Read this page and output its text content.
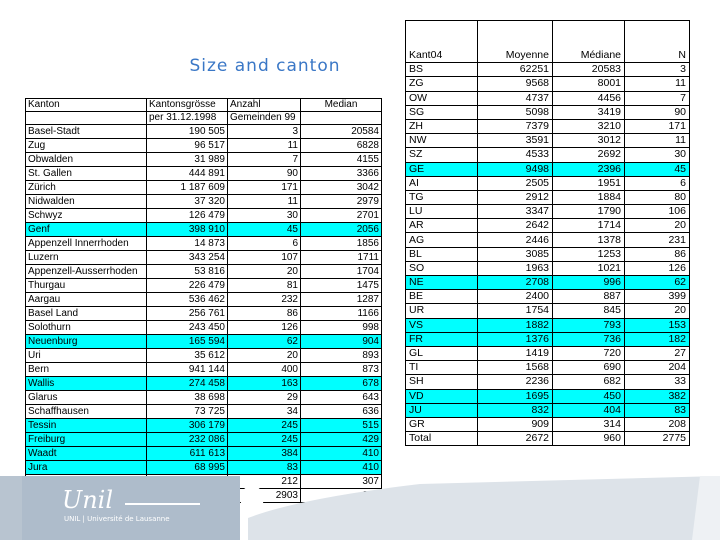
Size and canton
Kanton	Kantonsgrösse	Anzahl	Median
	per 31.12.1998	Gemeinden 99	
Basel-Stadt	190 505	3	20584
Zug	96 517	11	6828
Obwalden	31 989	7	4155
St. Gallen	444 891	90	3366
Zürich	1 187 609	171	3042
Nidwalden	37 320	11	2979
Schwyz	126 479	30	2701
Genf	398 910	45	2056
Appenzell Innerrhoden	14 873	6	1856
Luzern	343 254	107	1711
Appenzell-Ausserrhoden	53 816	20	1704
Thurgau	226 479	81	1475
Aargau	536 462	232	1287
Basel Land	256 761	86	1166
Solothurn	243 450	126	998
Neuenburg	165 594	62	904
Uri	35 612	20	893
Bern	941 144	400	873
Wallis	274 458	163	678
Glarus	38 698	29	643
Schaffhausen	73 725	34	636
Tessin	306 179	245	515
Freiburg	232 086	245	429
Waadt	611 613	384	410
Jura	68 995	83	410
		212	307
		2903	

Kant04	Moyenne	Médiane	N
BS	62251	20583	3
ZG	9568	8001	11
OW	4737	4456	7
SG	5098	3419	90
ZH	7379	3210	171
NW	3591	3012	11
SZ	4533	2692	30
GE	9498	2396	45
AI	2505	1951	6
TG	2912	1884	80
LU	3347	1790	106
AR	2642	1714	20
AG	2446	1378	231
BL	3085	1253	86
SO	1963	1021	126
NE	2708	996	62
BE	2400	887	399
UR	1754	845	20
VS	1882	793	153
FR	1376	736	182
GL	1419	720	27
TI	1568	690	204
SH	2236	682	33
VD	1695	450	382
JU	832	404	83
GR	909	314	208
Total	2672	960	2775
Unil
UNIL | Université de Lausanne
